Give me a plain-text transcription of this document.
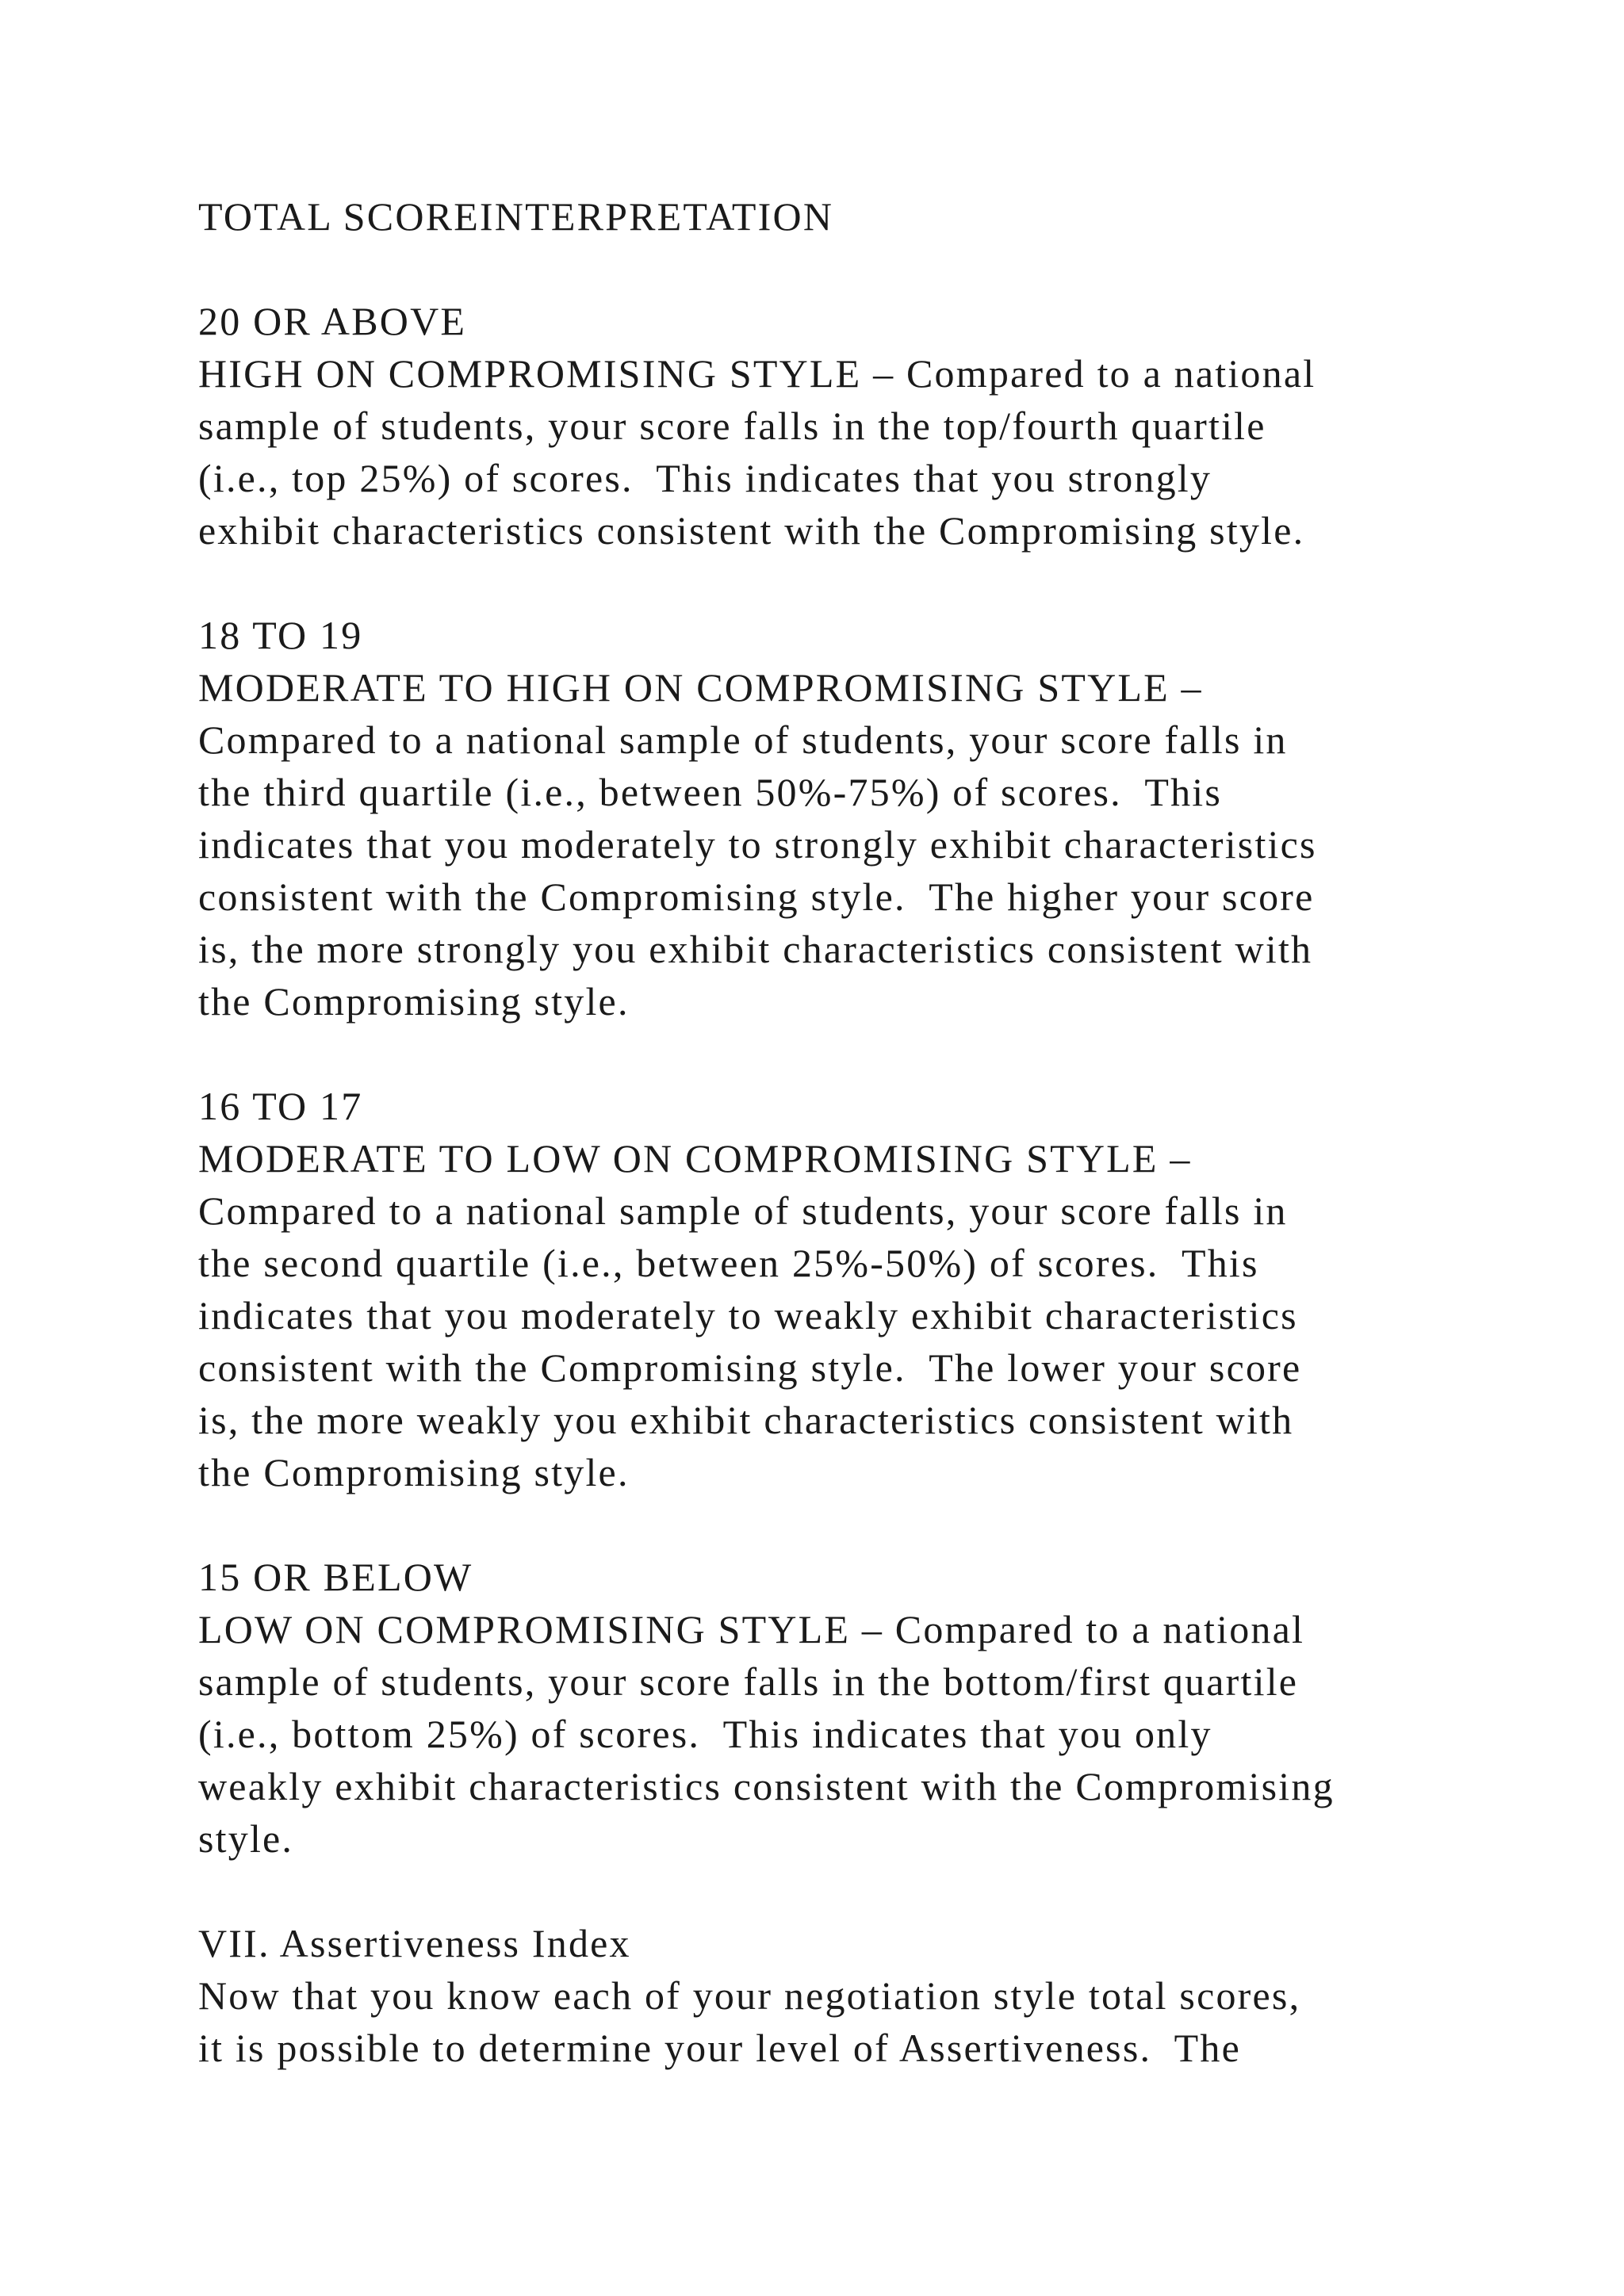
TOTAL SCOREINTERPRETATION
20 OR ABOVE
HIGH ON COMPROMISING STYLE – Compared to a national
sample of students, your score falls in the top/fourth quartile
(i.e., top 25%) of scores.  This indicates that you strongly
exhibit characteristics consistent with the Compromising style.
18 TO 19
MODERATE TO HIGH ON COMPROMISING STYLE –
Compared to a national sample of students, your score falls in
the third quartile (i.e., between 50%-75%) of scores.  This
indicates that you moderately to strongly exhibit characteristics
consistent with the Compromising style.  The higher your score
is, the more strongly you exhibit characteristics consistent with
the Compromising style.
16 TO 17
MODERATE TO LOW ON COMPROMISING STYLE –
Compared to a national sample of students, your score falls in
the second quartile (i.e., between 25%-50%) of scores.  This
indicates that you moderately to weakly exhibit characteristics
consistent with the Compromising style.  The lower your score
is, the more weakly you exhibit characteristics consistent with
the Compromising style.
15 OR BELOW
LOW ON COMPROMISING STYLE – Compared to a national
sample of students, your score falls in the bottom/first quartile
(i.e., bottom 25%) of scores.  This indicates that you only
weakly exhibit characteristics consistent with the Compromising
style.
VII. Assertiveness Index
Now that you know each of your negotiation style total scores,
it is possible to determine your level of Assertiveness.  The
